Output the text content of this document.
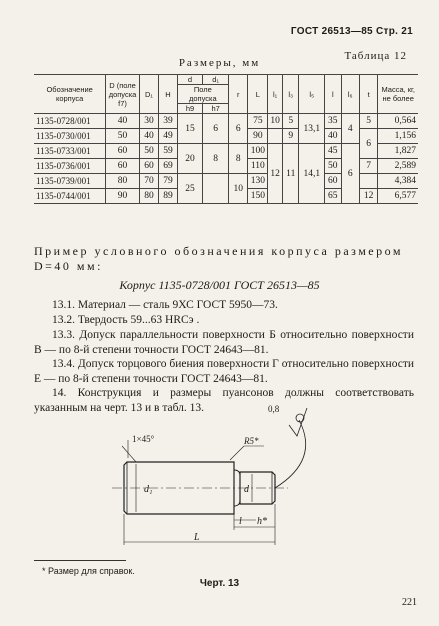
ГОСТ 26513—85 Стр. 21
Таблица 12
Размеры, мм
Обозначение корпуса	D (поле допуска f7)	D₁	H	d	d₁	r	L	l₁	l₃	l₅	l	l₆	t	Масса, кг, не более
				Поле допуска										
				h9	h7									
1135-0728/001	40	30	39	15	6	6	75	10	5	13,1	35	4	5	0,564
1135-0730/001	50	40	49				90		9		40		6	1,156
1135-0733/001	60	50	59	20	8	8	100	12	11	14,1	45	6		1,827
1135-0736/001	60	60	69				110				50		7	2,589
1135-0739/001	80	70	79	25		10	130				60			4,384
1135-0744/001	90	80	89				150				65		12	6,577
Пример условного обозначения корпуса размером D=40 мм:
Корпус 1135-0728/001 ГОСТ 26513—85
13.1. Материал — сталь 9ХС ГОСТ 5950—73.
13.2. Твердость 59...63 HRCэ .
13.3. Допуск параллельности поверхности Б относительно поверхности В — по 8-й степени точности ГОСТ 24643—81.
13.4. Допуск торцового биения поверхности Г относительно поверхности Е — по 8-й степени точности ГОСТ 24643—81.
14. Конструкция и размеры пуансонов должны соответствовать указанным на черт. 13 и в табл. 13.
1×45°
0,8
R5*
d₁	d
h*
l
L
* Размер для справок.
Черт. 13
221
